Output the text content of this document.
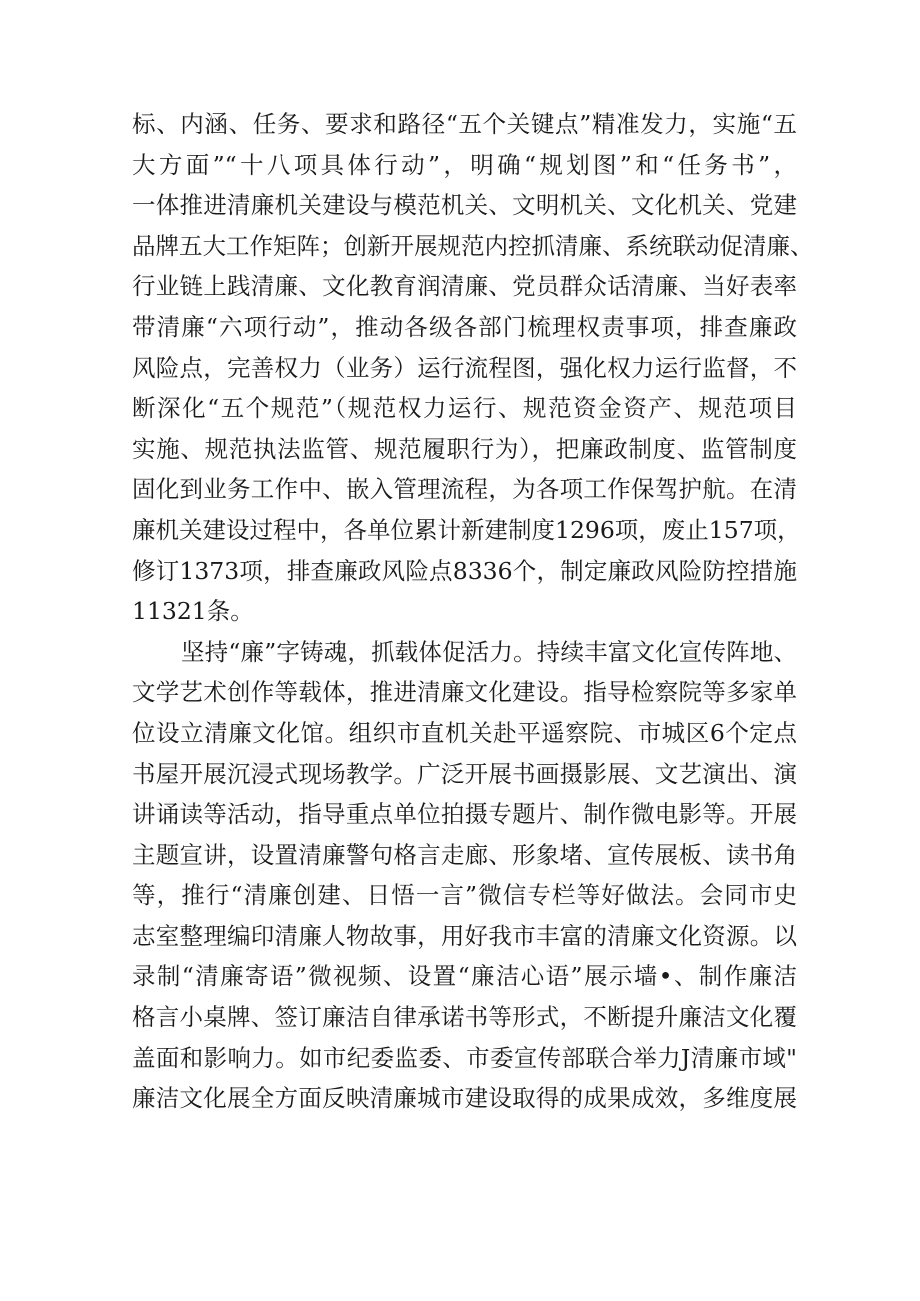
标、内涵、任务、要求和路径“五个关键点”精准发力，实施“五
大方面”“十八项具体行动”，明确“规划图”和“任务书”，
一体推进清廉机关建设与模范机关、文明机关、文化机关、党建
品牌五大工作矩阵；创新开展规范内控抓清廉、系统联动促清廉、
行业链上践清廉、文化教育润清廉、党员群众话清廉、当好表率
带清廉“六项行动”，推动各级各部门梳理权责事项，排查廉政
风险点，完善权力（业务）运行流程图，强化权力运行监督，不
断深化“五个规范”（规范权力运行、规范资金资产、规范项目
实施、规范执法监管、规范履职行为），把廉政制度、监管制度
固化到业务工作中、嵌入管理流程，为各项工作保驾护航。在清
廉机关建设过程中，各单位累计新建制度1296项，废止157项，
修订1373项，排查廉政风险点8336个，制定廉政风险防控措施
11321条。
坚持“廉”字铸魂，抓载体促活力。持续丰富文化宣传阵地、
文学艺术创作等载体，推进清廉文化建设。指导检察院等多家单
位设立清廉文化馆。组织市直机关赴平遥察院、市城区6个定点
书屋开展沉浸式现场教学。广泛开展书画摄影展、文艺演出、演
讲诵读等活动，指导重点单位拍摄专题片、制作微电影等。开展
主题宣讲，设置清廉警句格言走廊、形象堵、宣传展板、读书角
等，推行“清廉创建、日悟一言”微信专栏等好做法。会同市史
志室整理编印清廉人物故事，用好我市丰富的清廉文化资源。以
录制“清廉寄语”微视频、设置“廉洁心语”展示墙•、制作廉洁
格言小桌牌、签订廉洁自律承诺书等形式，不断提升廉洁文化覆
盖面和影响力。如市纪委监委、市委宣传部联合举力J清廉市域"
廉洁文化展全方面反映清廉城市建设取得的成果成效，多维度展
